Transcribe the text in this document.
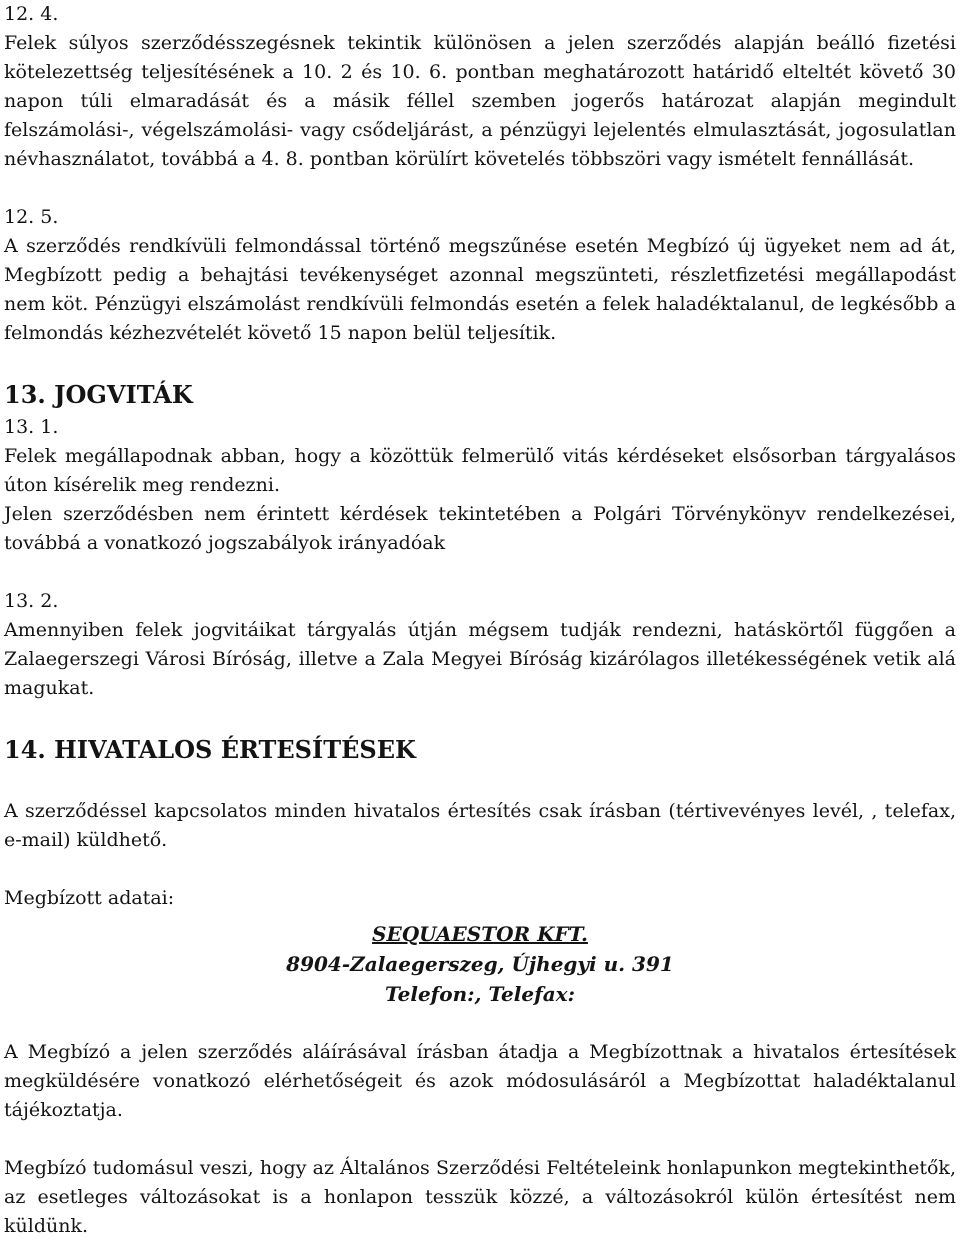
12. 4.

Felek súlyos szerződésszegésnek tekintik különösen a jelen szerződés alapján beálló fizetési kötelezettség teljesítésének a 10. 2 és 10. 6. pontban meghatározott határidő elteltét követő 30 napon túli elmaradását és a másik féllel szemben jogerős határozat alapján megindult felszámolási-, végelszámolási- vagy csődeljárást, a pénzügyi lejelentés elmulasztását, jogosulatlan névhasználatot, továbbá a 4. 8. pontban körülírt követelés többszöri vagy ismételt fennállását.

12. 5.

A szerződés rendkívüli felmondással történő megszűnése esetén Megbízó új ügyeket nem ad át, Megbízott pedig a behajtási tevékenységet azonnal megszünteti, részletfizetési megállapodást nem köt. Pénzügyi elszámolást rendkívüli felmondás esetén a felek haladéktalanul, de legkésőbb a felmondás kézhezvételét követő 15 napon belül teljesítik.

13. JOGVITÁK

13. 1.

Felek megállapodnak abban, hogy a közöttük felmerülő vitás kérdéseket elsősorban tárgyalásos úton kísérelik meg rendezni.

Jelen szerződésben nem érintett kérdések tekintetében a Polgári Törvénykönyv rendelkezései, továbbá a vonatkozó jogszabályok irányadóak

13. 2.

Amennyiben felek jogvitáikat tárgyalás útján mégsem tudják rendezni, hatáskörtől függően a Zalaegerszegi Városi Bíróság, illetve a Zala Megyei Bíróság kizárólagos illetékességének vetik alá magukat.

14. HIVATALOS ÉRTESÍTÉSEK

A szerződéssel kapcsolatos minden hivatalos értesítés csak írásban (tértivevényes levél, , telefax, e-mail) küldhető.

Megbízott adatai:

SEQUAESTOR KFT.

8904-Zalaegerszeg, Újhegyi u. 391

Telefon:, Telefax:

A Megbízó a jelen szerződés aláírásával írásban átadja a Megbízottnak a hivatalos értesítések megküldésére vonatkozó elérhetőségeit és azok módosulásáról a Megbízottat haladéktalanul tájékoztatja.

Megbízó tudomásul veszi, hogy az Általános Szerződési Feltételeink honlapunkon megtekinthetők, az esetleges változásokat is a honlapon tesszük közzé, a változásokról külön értesítést nem küldünk.
